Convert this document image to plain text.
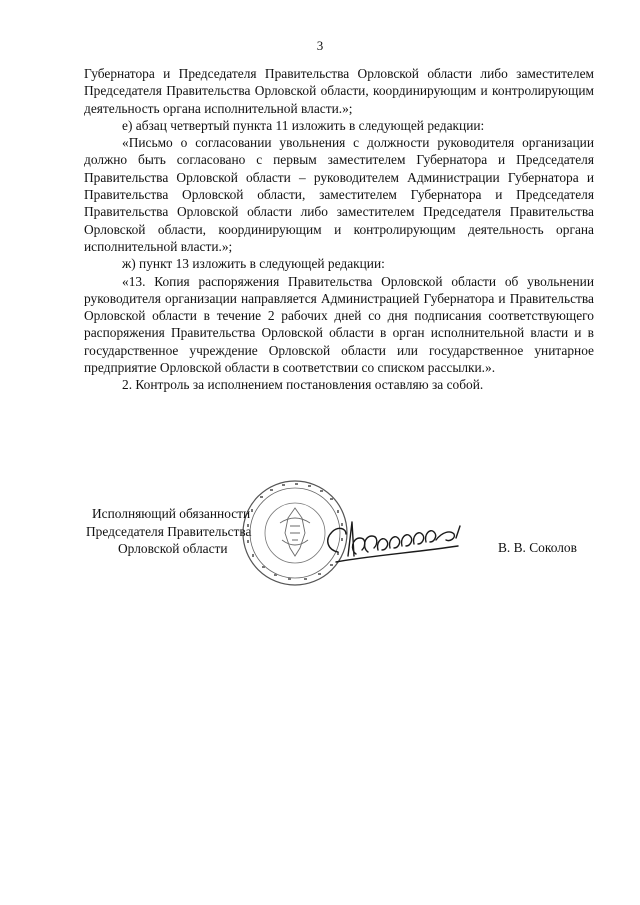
3

Губернатора и Председателя Правительства Орловской области либо заместителем Председателя Правительства Орловской области, координирующим и контролирующим деятельность органа исполнительной власти.»;

е) абзац четвертый пункта 11 изложить в следующей редакции:

«Письмо о согласовании увольнения с должности руководителя организации должно быть согласовано с первым заместителем Губернатора и Председателя Правительства Орловской области – руководителем Администрации Губернатора и Правительства Орловской области, заместителем Губернатора и Председателя Правительства Орловской области либо заместителем Председателя Правительства Орловской области, координирующим и контролирующим деятельность органа исполнительной власти.»;

ж) пункт 13 изложить в следующей редакции:

«13. Копия распоряжения Правительства Орловской области об увольнении руководителя организации направляется Администрацией Губернатора и Правительства Орловской области в течение 2 рабочих дней со дня подписания соответствующего распоряжения Правительства Орловской области в орган исполнительной власти и в государственное учреждение Орловской области или государственное унитарное предприятие Орловской области в соответствии со списком рассылки.».

2. Контроль за исполнением постановления оставляю за собой.

Исполняющий обязанности
Председателя Правительства
Орловской области	В. В. Соколов
